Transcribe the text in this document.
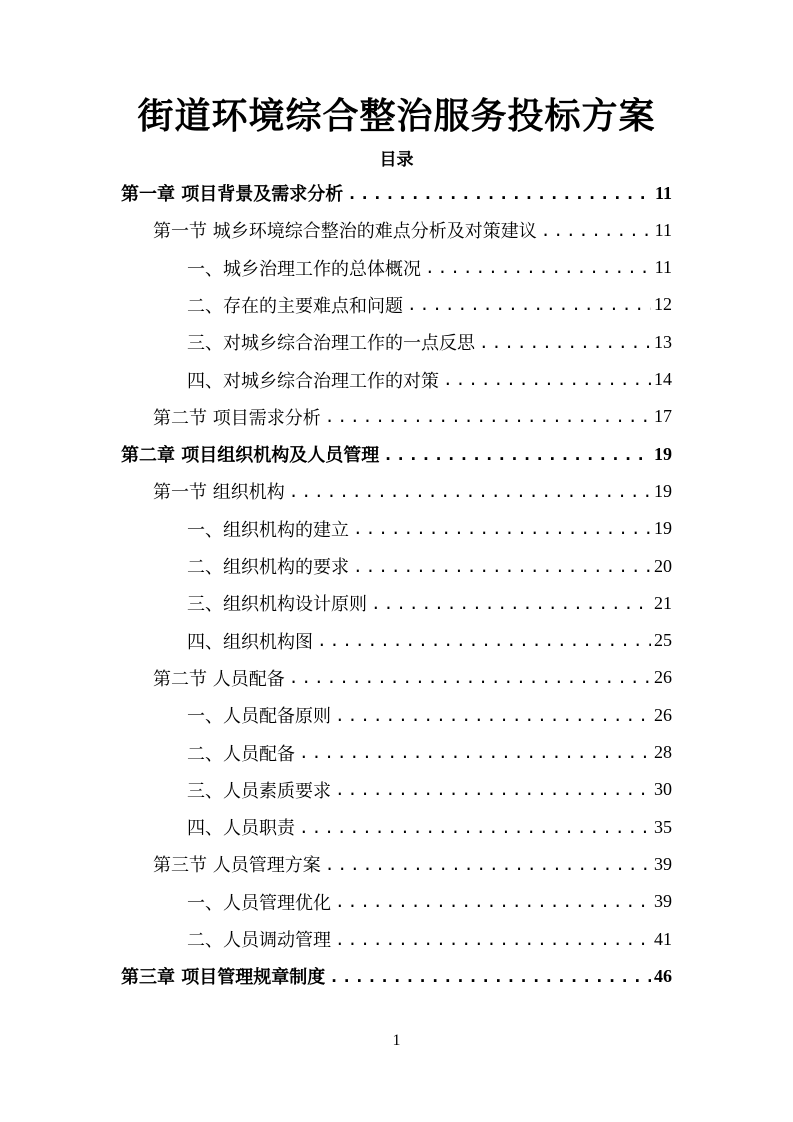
街道环境综合整治服务投标方案
目录
第一章 项目背景及需求分析 .....	11
第一节 城乡环境综合整治的难点分析及对策建议 .....	11
一、城乡治理工作的总体概况 .....	11
二、存在的主要难点和问题 .....	12
三、对城乡综合治理工作的一点反思 .....	13
四、对城乡综合治理工作的对策 .....	14
第二节 项目需求分析 .....	17
第二章 项目组织机构及人员管理 .....	19
第一节 组织机构 .....	19
一、组织机构的建立 .....	19
二、组织机构的要求 .....	20
三、组织机构设计原则 .....	21
四、组织机构图 .....	25
第二节 人员配备 .....	26
一、人员配备原则 .....	26
二、人员配备 .....	28
三、人员素质要求 .....	30
四、人员职责 .....	35
第三节 人员管理方案 .....	39
一、人员管理优化 .....	39
二、人员调动管理 .....	41
第三章 项目管理规章制度 .....	46
1
